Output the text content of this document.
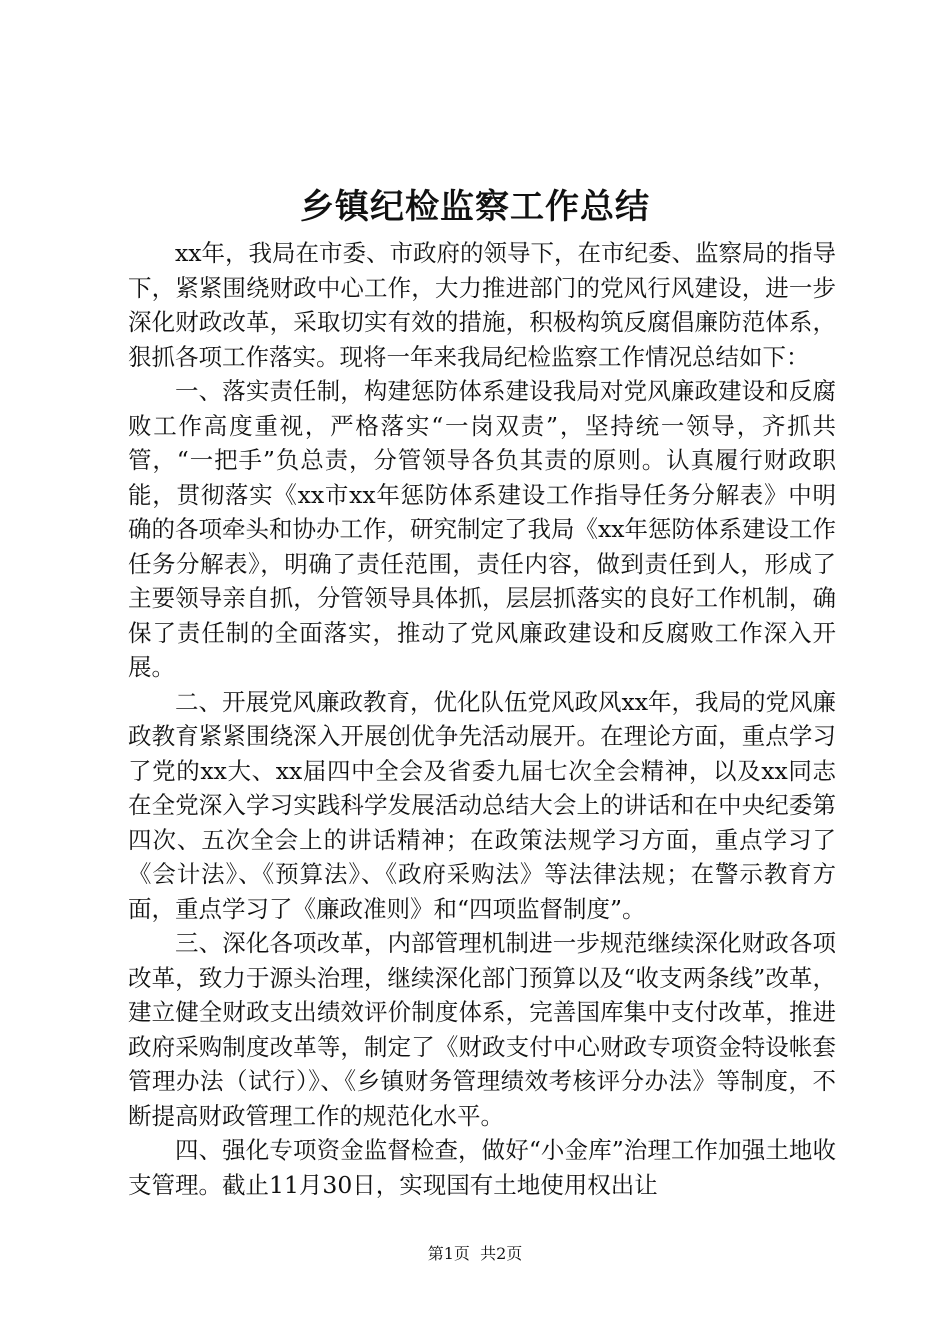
乡镇纪检监察工作总结

xx年，我局在市委、市政府的领导下，在市纪委、监察局的指导下，紧紧围绕财政中心工作，大力推进部门的党风行风建设，进一步深化财政改革，采取切实有效的措施，积极构筑反腐倡廉防范体系，狠抓各项工作落实。现将一年来我局纪检监察工作情况总结如下：

一、落实责任制，构建惩防体系建设我局对党风廉政建设和反腐败工作高度重视，严格落实“一岗双责”，坚持统一领导，齐抓共管，“一把手”负总责，分管领导各负其责的原则。认真履行财政职能，贯彻落实《xx市xx年惩防体系建设工作指导任务分解表》中明确的各项牵头和协办工作，研究制定了我局《xx年惩防体系建设工作任务分解表》，明确了责任范围，责任内容，做到责任到人，形成了主要领导亲自抓，分管领导具体抓，层层抓落实的良好工作机制，确保了责任制的全面落实，推动了党风廉政建设和反腐败工作深入开展。

二、开展党风廉政教育，优化队伍党风政风xx年，我局的党风廉政教育紧紧围绕深入开展创优争先活动展开。在理论方面，重点学习了党的xx大、xx届四中全会及省委九届七次全会精神，以及xx同志在全党深入学习实践科学发展活动总结大会上的讲话和在中央纪委第四次、五次全会上的讲话精神；在政策法规学习方面，重点学习了《会计法》、《预算法》、《政府采购法》等法律法规；在警示教育方面，重点学习了《廉政准则》和“四项监督制度”。

三、深化各项改革，内部管理机制进一步规范继续深化财政各项改革，致力于源头治理，继续深化部门预算以及“收支两条线”改革，建立健全财政支出绩效评价制度体系，完善国库集中支付改革，推进政府采购制度改革等，制定了《财政支付中心财政专项资金特设帐套管理办法（试行）》、《乡镇财务管理绩效考核评分办法》等制度，不断提高财政管理工作的规范化水平。

四、强化专项资金监督检查，做好“小金库”治理工作加强土地收支管理。截止11月30日，实现国有土地使用权出让

第1页  共2页
